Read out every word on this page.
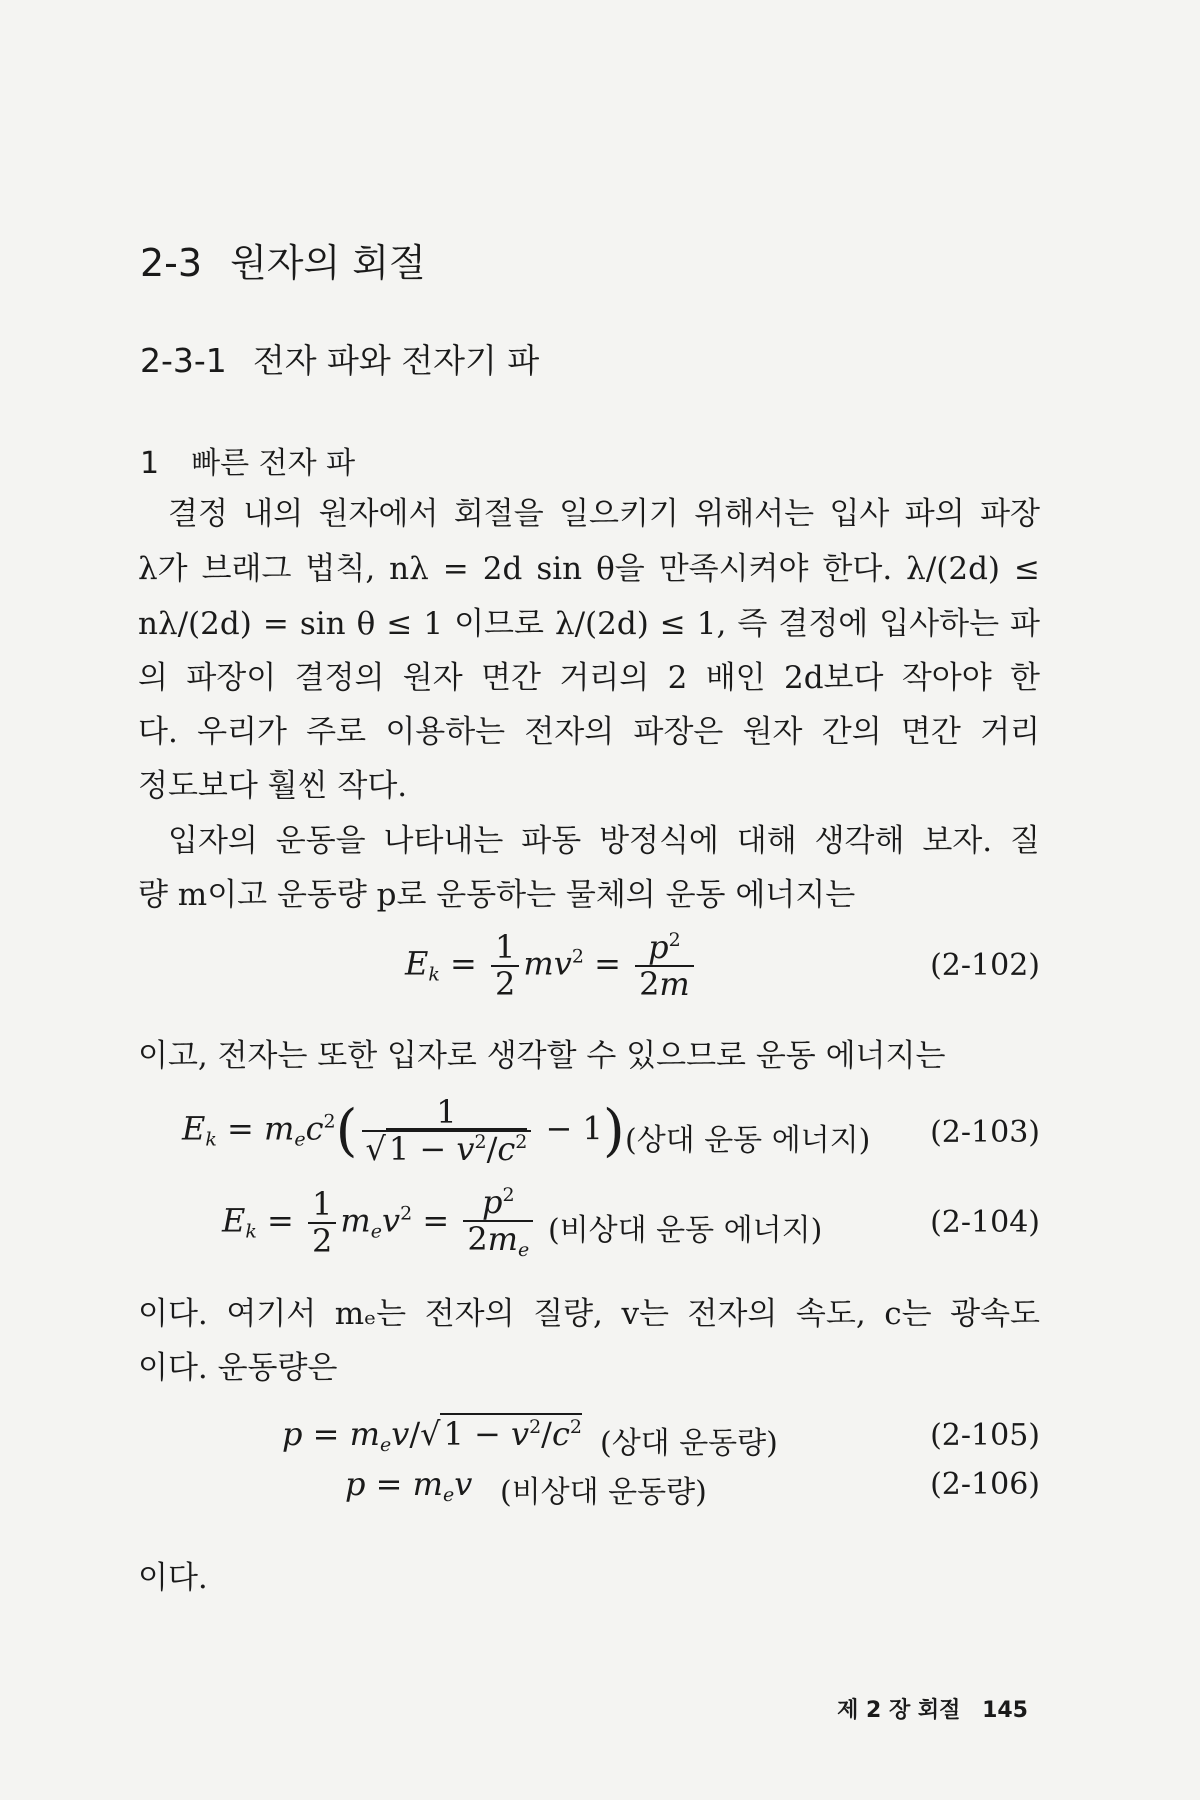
2-3 원자의 회절
2-3-1 전자 파와 전자기 파
1 빠른 전자 파
결정 내의 원자에서 회절을 일으키기 위해서는 입사 파의 파장
λ가 브래그 법칙, nλ = 2d sin θ을 만족시켜야 한다. λ/(2d) ≤
nλ/(2d) = sin θ ≤ 1 이므로 λ/(2d) ≤ 1, 즉 결정에 입사하는 파
의 파장이 결정의 원자 면간 거리의 2 배인 2d보다 작아야 한
다. 우리가 주로 이용하는 전자의 파장은 원자 간의 면간 거리
정도보다 훨씬 작다.
입자의 운동을 나타내는 파동 방정식에 대해 생각해 보자. 질
량 m이고 운동량 p로 운동하는 물체의 운동 에너지는
$E_k = \frac{1}{2} mv^2 = \frac{p^2}{2m}$	(2-102)
이고, 전자는 또한 입자로 생각할 수 있으므로 운동 에너지는
$E_k = m_ec^2( \frac{1}{√1 - v^2/c^2} - 1)$ (상대 운동 에너지) (2-103)
$E_k = \frac{1}{2} m_ev^2 = \frac{p^2}{2m_e}$ (비상대 운동 에너지)	(2-104)
이다. 여기서 mₑ는 전자의 질량, v는 전자의 속도, c는 광속도
이다. 운동량은
$p = m_ev/√1 - v^2/c^2$ (상대 운동량)	(2-105)
$p = m_ev$ (비상대 운동량)	(2-106)
이다.
제 2 장 회절 145
